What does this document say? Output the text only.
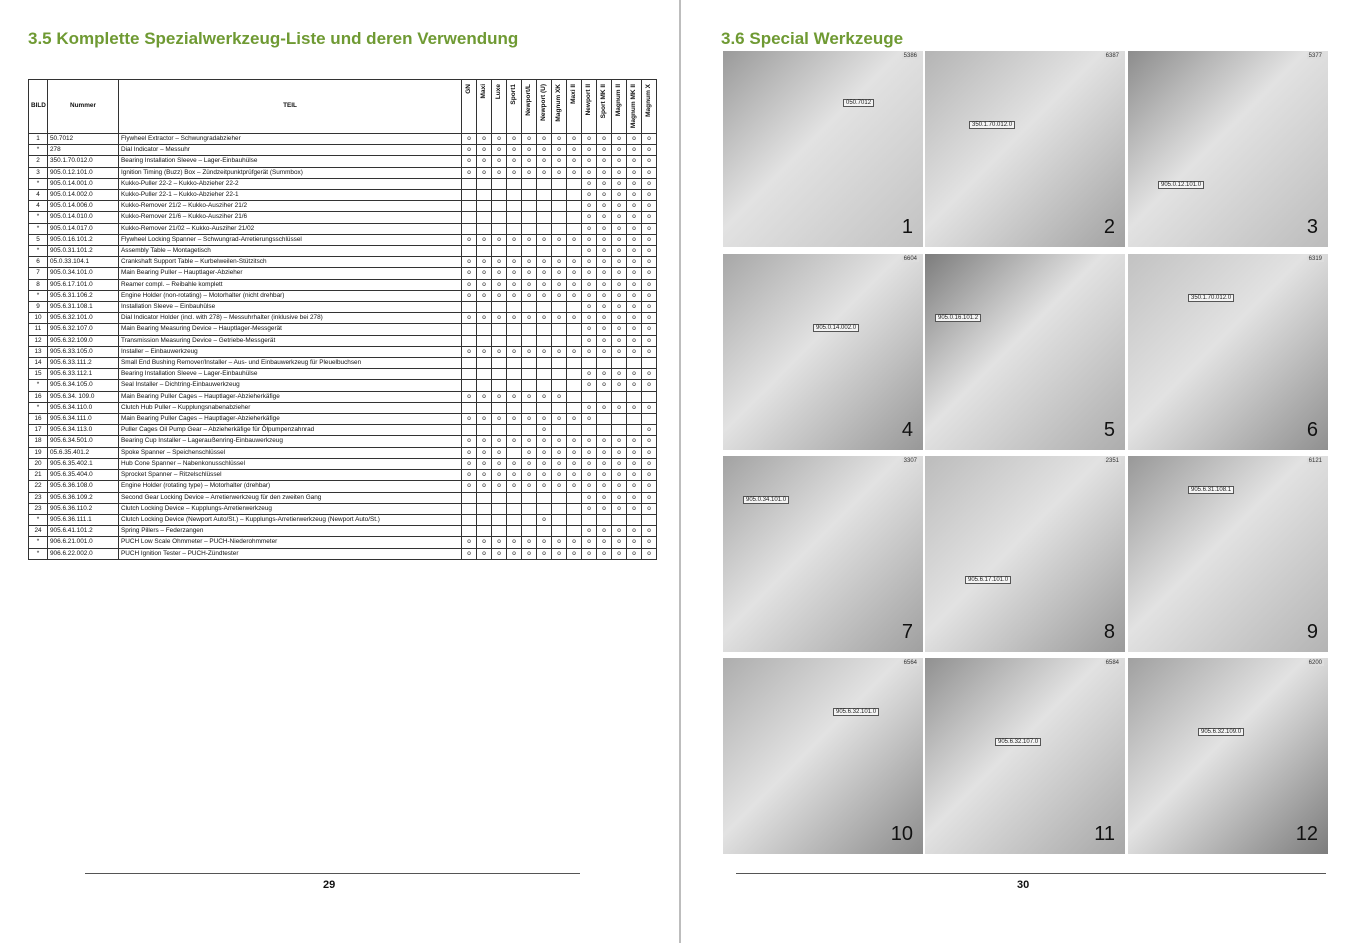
3.5 Komplette Spezialwerkzeug-Liste und deren Verwendung
BILD	Nummer	TEIL	GN	Maxi	Luxe	Sport1	Newport/L	Newport (U)	Magnum XK	Maxi II	Newport II	Sport MK II	Magnum II	Magnum MK II	Magnum X

1	50.7012	Flywheel Extractor – Schwungradabzieher	o	o	o	o	o	o	o	o	o	o	o	o	o
*	278	Dial Indicator – Messuhr	o	o	o	o	o	o	o	o	o	o	o	o	o
2	350.1.70.012.0	Bearing Installation Sleeve – Lager-Einbauhülse	o	o	o	o	o	o	o	o	o	o	o	o	o
3	905.0.12.101.0	Ignition Timing (Buzz) Box – Zündzeitpunktprüfgerät (Summbox)	o	o	o	o	o	o	o	o	o	o	o	o	o
*	905.0.14.001.0	Kukko-Puller 22-2 – Kukko-Abzieher 22-2									o	o	o	o	o
4	905.0.14.002.0	Kukko-Puller 22-1 – Kukko-Abzieher 22-1									o	o	o	o	o
4	905.0.14.006.0	Kukko-Remover 21/2 – Kukko-Ausziher 21/2									o	o	o	o	o
*	905.0.14.010.0	Kukko-Remover 21/6 – Kukko-Ausziher 21/6									o	o	o	o	o
*	905.0.14.017.0	Kukko-Remover 21/02 – Kukko-Ausziher 21/02									o	o	o	o	o
5	905.0.16.101.2	Flywheel Locking Spanner – Schwungrad-Arretierungsschlüssel	o	o	o	o	o	o	o	o	o	o	o	o	o
*	905.0.31.101.2	Assembly Table – Montagetisch									o	o	o	o	o
6	05.0.33.104.1	Crankshaft Support Table – Kurbelweilen-Stützitsch	o	o	o	o	o	o	o	o	o	o	o	o	o
7	905.0.34.101.0	Main Bearing Puller – Hauptlager-Abzieher	o	o	o	o	o	o	o	o	o	o	o	o	o
8	905.6.17.101.0	Reamer compl. – Reibahle komplett	o	o	o	o	o	o	o	o	o	o	o	o	o
*	905.6.31.106.2	Engine Holder (non-rotating) – Motorhalter (nicht drehbar)	o	o	o	o	o	o	o	o	o	o	o	o	o
9	905.6.31.108.1	Installation Sleeve – Einbauhülse									o	o	o	o	o
10	905.6.32.101.0	Dial Indicator Holder (incl. with 278) – Messuhrhalter (inklusive bei 278)	o	o	o	o	o	o	o	o	o	o	o	o	o
11	905.6.32.107.0	Main Bearing Measuring Device – Hauptlager-Messgerät									o	o	o	o	o
12	905.6.32.109.0	Transmission Measuring Device – Getriebe-Messgerät									o	o	o	o	o
13	905.6.33.105.0	Installer – Einbauwerkzeug	o	o	o	o	o	o	o	o	o	o	o	o	o
14	905.6.33.111.2	Small End Bushing Remover/Installer – Aus- und Einbauwerkzeug für Pleuelbuchsen													
15	905.6.33.112.1	Bearing Installation Sleeve – Lager-Einbauhülse									o	o	o	o	o
*	905.6.34.105.0	Seal Installer – Dichtring-Einbauwerkzeug									o	o	o	o	o
16	905.6.34. 109.0	Main Bearing Puller Cages – Hauptlager-Abzieherkäfige	o	o	o	o	o	o	o						
*	905.6.34.110.0	Clutch Hub Puller – Kupplungsnabenabzieher									o	o	o	o	o
16	905.6.34.111.0	Main Bearing Puller Cages – Hauptlager-Abzieherkäfige	o	o	o	o	o	o	o	o	o				
17	905.6.34.113.0	Puller Cages Oil Pump Gear – Abzieherkäfige für Ölpumpenzahnrad						o							o
18	905.6.34.501.0	Bearing Cup Installer – Lagerauẞenring-Einbauwerkzeug	o	o	o	o	o	o	o	o	o	o	o	o	o
19	05.6.35.401.2	Spoke Spanner – Speichenschlüssel	o	o	o		o	o	o	o	o	o	o	o	o
20	905.6.35.402.1	Hub Cone Spanner – Nabenkonusschlüssel	o	o	o	o	o	o	o	o	o	o	o	o	o
21	905.6.35.404.0	Sprocket Spanner – Ritzelschlüssel	o	o	o	o	o	o	o	o	o	o	o	o	o
22	905.6.36.108.0	Engine Holder (rotating type) – Motorhalter (drehbar)	o	o	o	o	o	o	o	o	o	o	o	o	o
23	905.6.36.109.2	Second Gear Locking Device – Arretierwerkzeug für den zweiten Gang									o	o	o	o	o
23	905.6.36.110.2	Clutch Locking Device – Kupplungs-Arretierwerkzeug									o	o	o	o	o
*	905.6.36.111.1	Clutch Locking Device (Newport Auto/St.) – Kupplungs-Arretierwerkzeug (Newport Auto/St.)						o							
24	905.6.41.101.2	Spring Pillers – Federzangen									o	o	o	o	o
*	906.6.21.001.0	PUCH Low Scale Ohmmeter – PUCH-Niederohmmeter	o	o	o	o	o	o	o	o	o	o	o	o	o
*	906.6.22.002.0	PUCH Ignition Tester – PUCH-Zündtester	o	o	o	o	o	o	o	o	o	o	o	o	o
29
3.6 Special Werkzeuge
050.7012
5386
1
350.1.70.012.0
6387
2
905.0.12.101.0
5377
3
905.0.14.002.0
6604
4
905.0.16.101.2
5
350.1.70.012.0
6319
6
905.0.34.101.0
3307
7
905.6.17.101.0
2351
8
905.6.31.108.1
6121
9
905.6.32.101.0
6564
10
905.6.32.107.0
6584
11
905.6.32.109.0
6200
12
30
